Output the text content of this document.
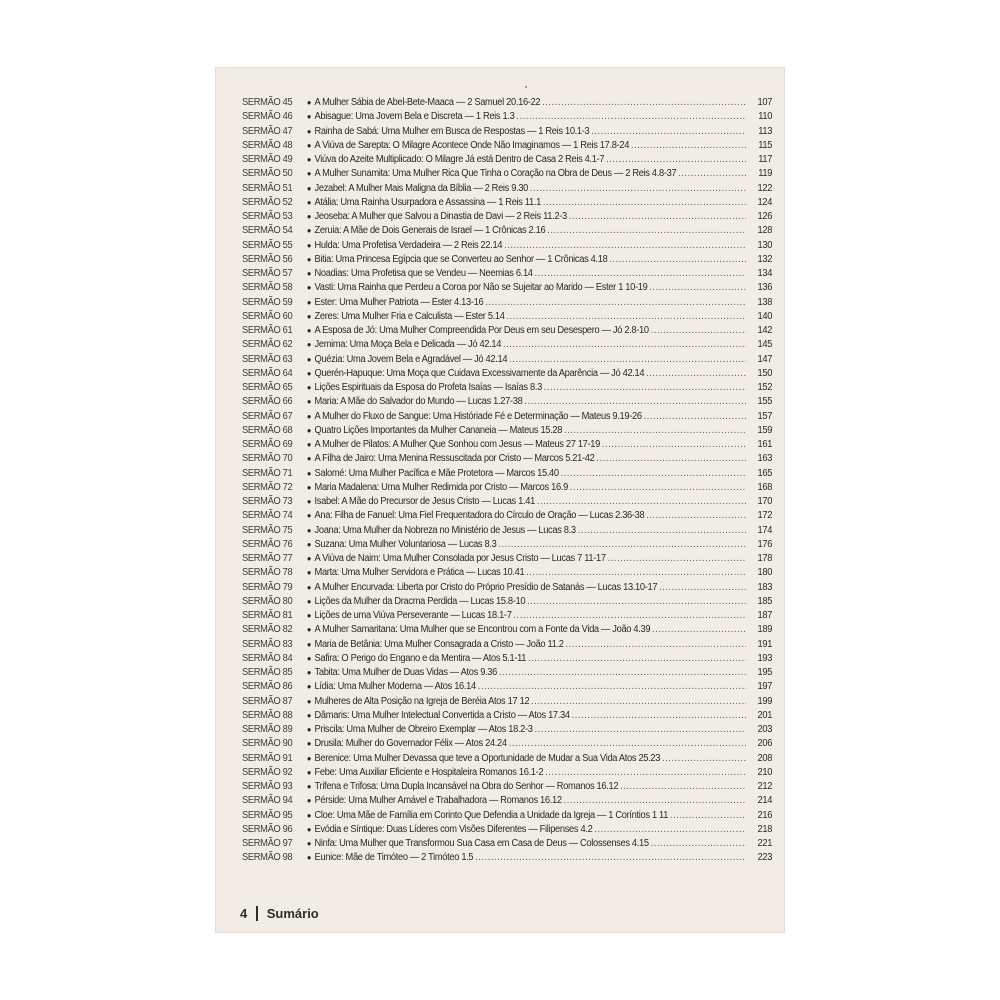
SERMÃO 45	● A Mulher Sábia de Abel-Bete-Maaca — 2 Samuel 20.16-22 .....	107
SERMÃO 46	● Abisague: Uma Jovem Bela e Discreta — 1 Reis 1.3 .....	110
SERMÃO 47	● Rainha de Sabá: Uma Mulher em Busca de Respostas — 1 Reis 10.1-3 .....	113
SERMÃO 48	● A Viúva de Sarepta: O Milagre Acontece Onde Não Imaginamos — 1 Reis 17.8-24 .....	115
SERMÃO 49	● Viúva do Azeite Multiplicado: O Milagre Já está Dentro de Casa 2 Reis 4.1-7 .....	117
SERMÃO 50	● A Mulher Sunamita: Uma Mulher Rica Que Tinha o Coração na Obra de Deus — 2 Reis 4.8-37 .....	119
SERMÃO 51	● Jezabel: A Mulher Mais Maligna da Bíblia — 2 Reis 9.30 .....	122
SERMÃO 52	● Atália: Uma Rainha Usurpadora e Assassina — 1 Reis 11.1 .....	124
SERMÃO 53	● Jeoseba: A Mulher que Salvou a Dinastia de Davi — 2 Reis 11.2-3 .....	126
SERMÃO 54	● Zeruia: A Mãe de Dois Generais de Israel — 1 Crônicas 2.16 .....	128
SERMÃO 55	● Hulda: Uma Profetisa Verdadeira — 2 Reis 22.14 .....	130
SERMÃO 56	● Bitia: Uma Princesa Egípcia que se Converteu ao Senhor — 1 Crônicas 4.18 .....	132
SERMÃO 57	● Noadias: Uma Profetisa que se Vendeu — Neemias 6.14 .....	134
SERMÃO 58	● Vasti: Uma Rainha que Perdeu a Coroa por Não se Sujeitar ao Marido — Ester 1 10-19 .....	136
SERMÃO 59	● Ester: Uma Mulher Patriota — Ester 4.13-16 .....	138
SERMÃO 60	● Zeres: Uma Mulher Fria e Calculista — Ester 5.14 .....	140
SERMÃO 61	● A Esposa de Jó: Uma Mulher Compreendida Por Deus em seu Desespero — Jó 2.8-10 .....	142
SERMÃO 62	● Jemima: Uma Moça Bela e Delicada — Jó 42.14 .....	145
SERMÃO 63	● Quézia: Uma Jovem Bela e Agradável — Jó 42.14 .....	147
SERMÃO 64	● Querén-Hapuque: Uma Moça que Cuidava Excessivamente da Aparência — Jó 42.14 .....	150
SERMÃO 65	● Lições Espirituais da Esposa do Profeta Isaías — Isaías 8.3 .....	152
SERMÃO 66	● Maria: A Mãe do Salvador do Mundo — Lucas 1.27-38 .....	155
SERMÃO 67	● A Mulher do Fluxo de Sangue: Uma Históriade Fé e Determinação — Mateus 9.19-26 .....	157
SERMÃO 68	● Quatro Lições Importantes da Mulher Cananeia — Mateus 15.28 .....	159
SERMÃO 69	● A Mulher de Pilatos: A Mulher Que Sonhou com Jesus — Mateus 27 17-19 .....	161
SERMÃO 70	● A Filha de Jairo: Uma Menina Ressuscitada por Cristo — Marcos 5.21-42 .....	163
SERMÃO 71	● Salomé: Uma Mulher Pacífica e Mãe Protetora — Marcos 15.40 .....	165
SERMÃO 72	● Maria Madalena: Uma Mulher Redimida por Cristo — Marcos 16.9 .....	168
SERMÃO 73	● Isabel: A Mãe do Precursor de Jesus Cristo — Lucas 1.41 .....	170
SERMÃO 74	● Ana: Filha de Fanuel: Uma Fiel Frequentadora do Círculo de Oração — Lucas 2.36-38 .....	172
SERMÃO 75	● Joana: Uma Mulher da Nobreza no Ministério de Jesus — Lucas 8.3 .....	174
SERMÃO 76	● Suzana: Uma Mulher Voluntariosa — Lucas 8.3 .....	176
SERMÃO 77	● A Viúva de Naim: Uma Mulher Consolada por Jesus Cristo — Lucas 7 11-17 .....	178
SERMÃO 78	● Marta: Uma Mulher Servidora e Prática — Lucas 10.41 .....	180
SERMÃO 79	● A Mulher Encurvada: Liberta por Cristo do Próprio Presídio de Satanás — Lucas 13.10-17 .....	183
SERMÃO 80	● Lições da Mulher da Dracma Perdida — Lucas 15.8-10 .....	185
SERMÃO 81	● Lições de uma Viúva Perseverante — Lucas 18.1-7 .....	187
SERMÃO 82	● A Mulher Samaritana: Uma Mulher que se Encontrou com a Fonte da Vida — João 4.39 .....	189
SERMÃO 83	● Maria de Betânia: Uma Mulher Consagrada a Cristo — João 11.2 .....	191
SERMÃO 84	● Safira: O Perigo do Engano e da Mentira — Atos 5.1-11 .....	193
SERMÃO 85	● Tabita: Uma Mulher de Duas Vidas — Atos 9.36 .....	195
SERMÃO 86	● Lídia: Uma Mulher Moderna — Atos 16.14 .....	197
SERMÃO 87	● Mulheres de Alta Posição na Igreja de Beréia Atos 17 12 .....	199
SERMÃO 88	● Dâmaris: Uma Mulher Intelectual Convertida a Cristo — Atos 17.34 .....	201
SERMÃO 89	● Priscila: Uma Mulher de Obreiro Exemplar — Atos 18.2-3 .....	203
SERMÃO 90	● Drusila: Mulher do Governador Félix — Atos 24.24 .....	206
SERMÃO 91	● Berenice: Uma Mulher Devassa que teve a Oportunidade de Mudar a Sua Vida Atos 25.23 .....	208
SERMÃO 92	● Febe: Uma Auxiliar Eficiente e Hospitaleira Romanos 16.1-2 .....	210
SERMÃO 93	● Trifena e Trifosa: Uma Dupla Incansável na Obra do Senhor — Romanos 16.12 .....	212
SERMÃO 94	● Pérside: Uma Mulher Amável e Trabalhadora — Romanos 16.12 .....	214
SERMÃO 95	● Cloe: Uma Mãe de Família em Corinto Que Defendia a Unidade da Igreja — 1 Coríntios 1 11 .....	216
SERMÃO 96	● Evódia e Síntique: Duas Líderes com Visões Diferentes — Filipenses 4.2 .....	218
SERMÃO 97	● Ninfa: Uma Mulher que Transformou Sua Casa em Casa de Deus — Colossenses 4.15 .....	221
SERMÃO 98	● Eunice: Mãe de Timóteo — 2 Timóteo 1.5 .....	223
4 Sumário
